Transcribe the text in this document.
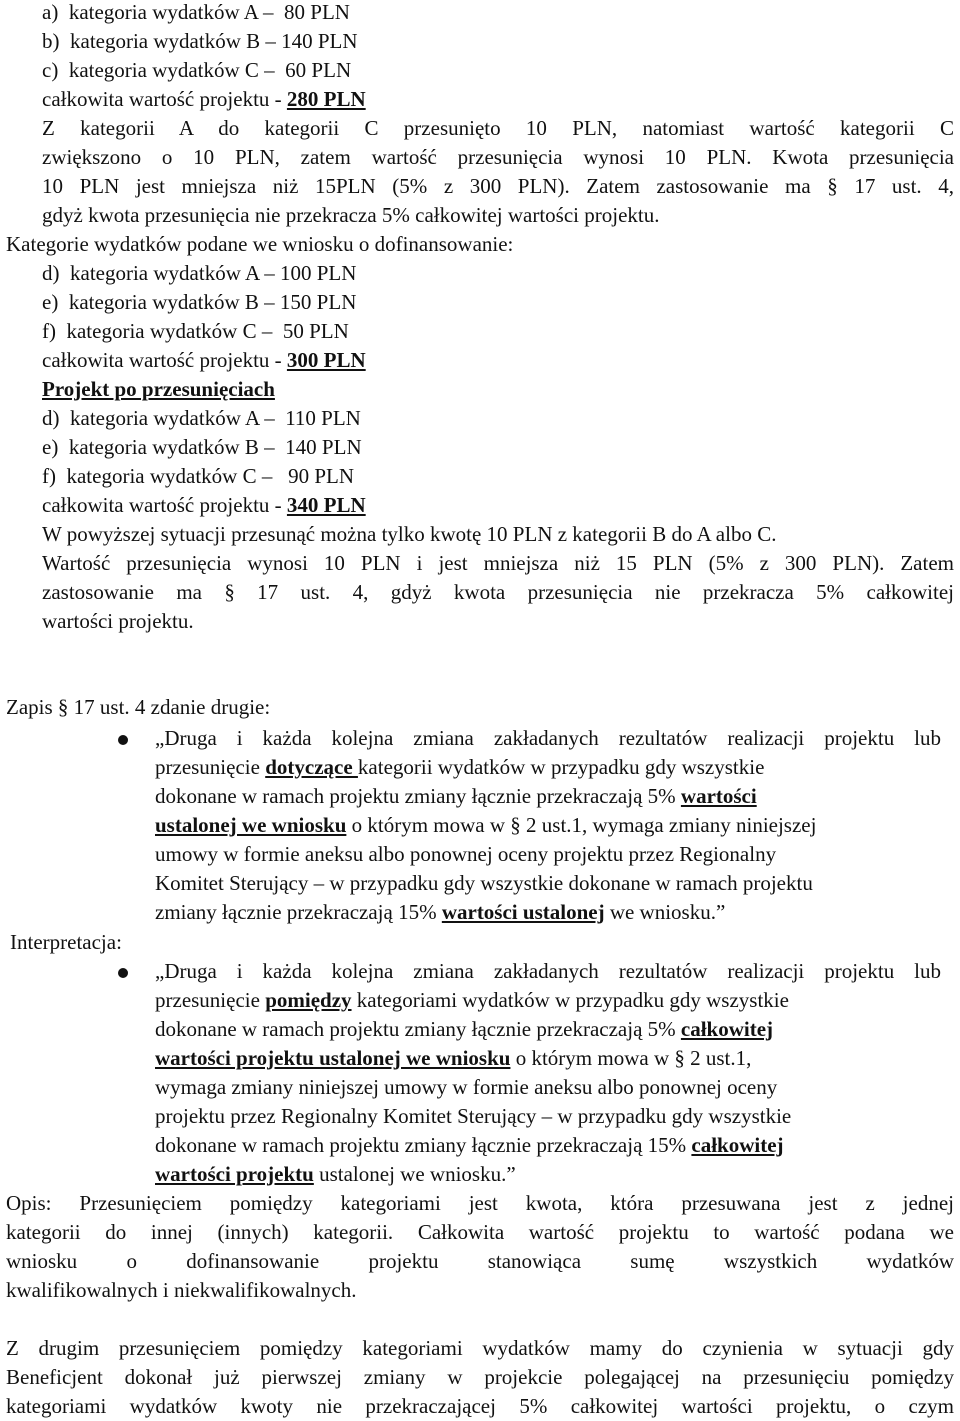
a)  kategoria wydatków A –  80 PLN
b)  kategoria wydatków B – 140 PLN
c)  kategoria wydatków C –  60 PLN
całkowita wartość projektu - 280 PLN
Z kategorii A do kategorii C przesunięto 10 PLN, natomiast wartość kategorii C
zwiększono o 10 PLN, zatem wartość przesunięcia wynosi 10 PLN. Kwota przesunięcia
10 PLN jest mniejsza niż 15PLN (5% z 300 PLN). Zatem zastosowanie ma § 17 ust. 4,
gdyż kwota przesunięcia nie przekracza 5% całkowitej wartości projektu.
Kategorie wydatków podane we wniosku o dofinansowanie:
d)  kategoria wydatków A – 100 PLN
e)  kategoria wydatków B – 150 PLN
f)  kategoria wydatków C –  50 PLN
całkowita wartość projektu - 300 PLN
Projekt po przesunięciach
d)  kategoria wydatków A –  110 PLN
e)  kategoria wydatków B –  140 PLN
f)  kategoria wydatków C –   90 PLN
całkowita wartość projektu - 340 PLN
W powyższej sytuacji przesunąć można tylko kwotę 10 PLN z kategorii B do A albo C.
Wartość przesunięcia wynosi 10 PLN i jest mniejsza niż 15 PLN (5% z 300 PLN). Zatem
zastosowanie ma § 17 ust. 4, gdyż kwota przesunięcia nie przekracza 5% całkowitej
wartości projektu.
Zapis § 17 ust. 4 zdanie drugie:
„Druga i każda kolejna zmiana zakładanych rezultatów realizacji projektu lub
przesunięcie dotyczące kategorii wydatków w przypadku gdy wszystkie
dokonane w ramach projektu zmiany łącznie przekraczają 5% wartości
ustalonej we wniosku o którym mowa w § 2 ust.1, wymaga zmiany niniejszej
umowy w formie aneksu albo ponownej oceny projektu przez Regionalny
Komitet Sterujący – w przypadku gdy wszystkie dokonane w ramach projektu
zmiany łącznie przekraczają 15% wartości ustalonej we wniosku.”
Interpretacja:
„Druga i każda kolejna zmiana zakładanych rezultatów realizacji projektu lub
przesunięcie pomiędzy kategoriami wydatków w przypadku gdy wszystkie
dokonane w ramach projektu zmiany łącznie przekraczają 5% całkowitej
wartości projektu ustalonej we wniosku o którym mowa w § 2 ust.1,
wymaga zmiany niniejszej umowy w formie aneksu albo ponownej oceny
projektu przez Regionalny Komitet Sterujący – w przypadku gdy wszystkie
dokonane w ramach projektu zmiany łącznie przekraczają 15% całkowitej
wartości projektu ustalonej we wniosku.”
Opis: Przesunięciem pomiędzy kategoriami jest kwota, która przesuwana jest z jednej
kategorii do innej (innych) kategorii. Całkowita wartość projektu to wartość podana we
wniosku o dofinansowanie projektu stanowiąca sumę wszystkich wydatków
kwalifikowalnych i niekwalifikowalnych.
Z drugim przesunięciem pomiędzy kategoriami wydatków mamy do czynienia w sytuacji gdy
Beneficjent dokonał już pierwszej zmiany w projekcie polegającej na przesunięciu pomiędzy
kategoriami wydatków kwoty nie przekraczającej 5% całkowitej wartości projektu, o czym
